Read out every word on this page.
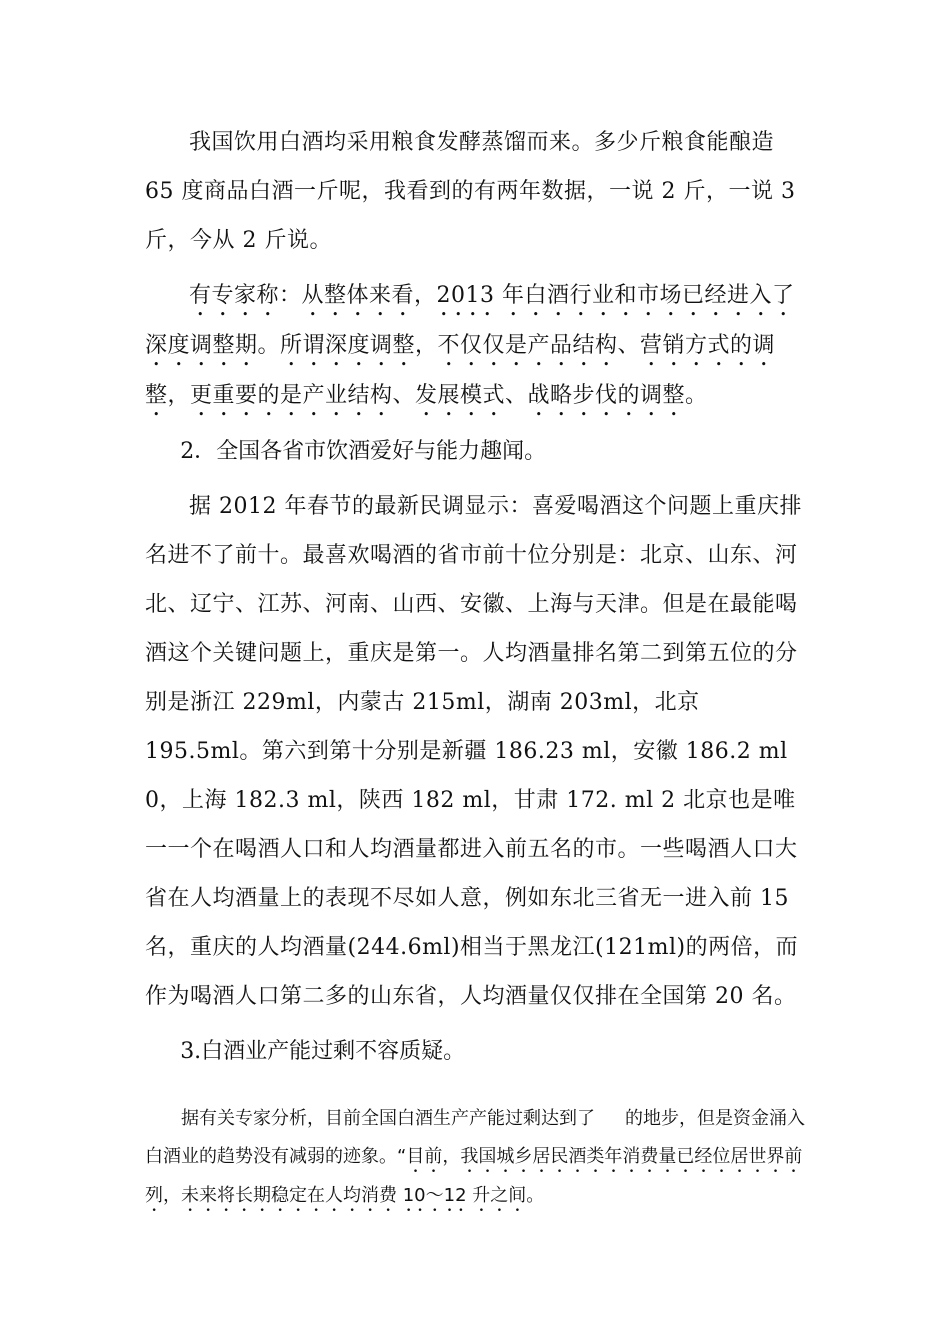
我国饮用白酒均采用粮食发酵蒸馏而来。多少斤粮食能酿造 65 度商品白酒一斤呢，我看到的有两年数据，一说 2 斤，一说 3 斤，今从 2 斤说。

有专家称：从整体来看，2013 年白酒行业和市场已经进入了深度调整期。所谓深度调整，不仅仅是产品结构、营销方式的调整，更重要的是产业结构、发展模式、战略步伐的调整。

2．全国各省市饮酒爱好与能力趣闻。

据 2012 年春节的最新民调显示：喜爱喝酒这个问题上重庆排名进不了前十。最喜欢喝酒的省市前十位分别是：北京、山东、河北、辽宁、江苏、河南、山西、安徽、上海与天津。但是在最能喝酒这个关键问题上，重庆是第一。人均酒量排名第二到第五位的分别是浙江 229ml，内蒙古 215ml，湖南 203ml，北京 195.5ml。第六到第十分别是新疆 186.23 ml，安徽 186.2 ml 0，上海 182.3 ml，陕西 182 ml，甘肃 172. ml 2 北京也是唯一一个在喝酒人口和人均酒量都进入前五名的市。一些喝酒人口大省在人均酒量上的表现不尽如人意，例如东北三省无一进入前 15 名，重庆的人均酒量(244.6ml)相当于黑龙江(121ml)的两倍，而作为喝酒人口第二多的山东省，人均酒量仅仅排在全国第 20 名。

3.白酒业产能过剩不容质疑。

据有关专家分析，目前全国白酒生产产能过剩达到了 的地步，但是资金涌入白酒业的趋势没有减弱的迹象。“目前，我国城乡居民酒类年消费量已经位居世界前列，未来将长期稳定在人均消费 10～12 升之间。
